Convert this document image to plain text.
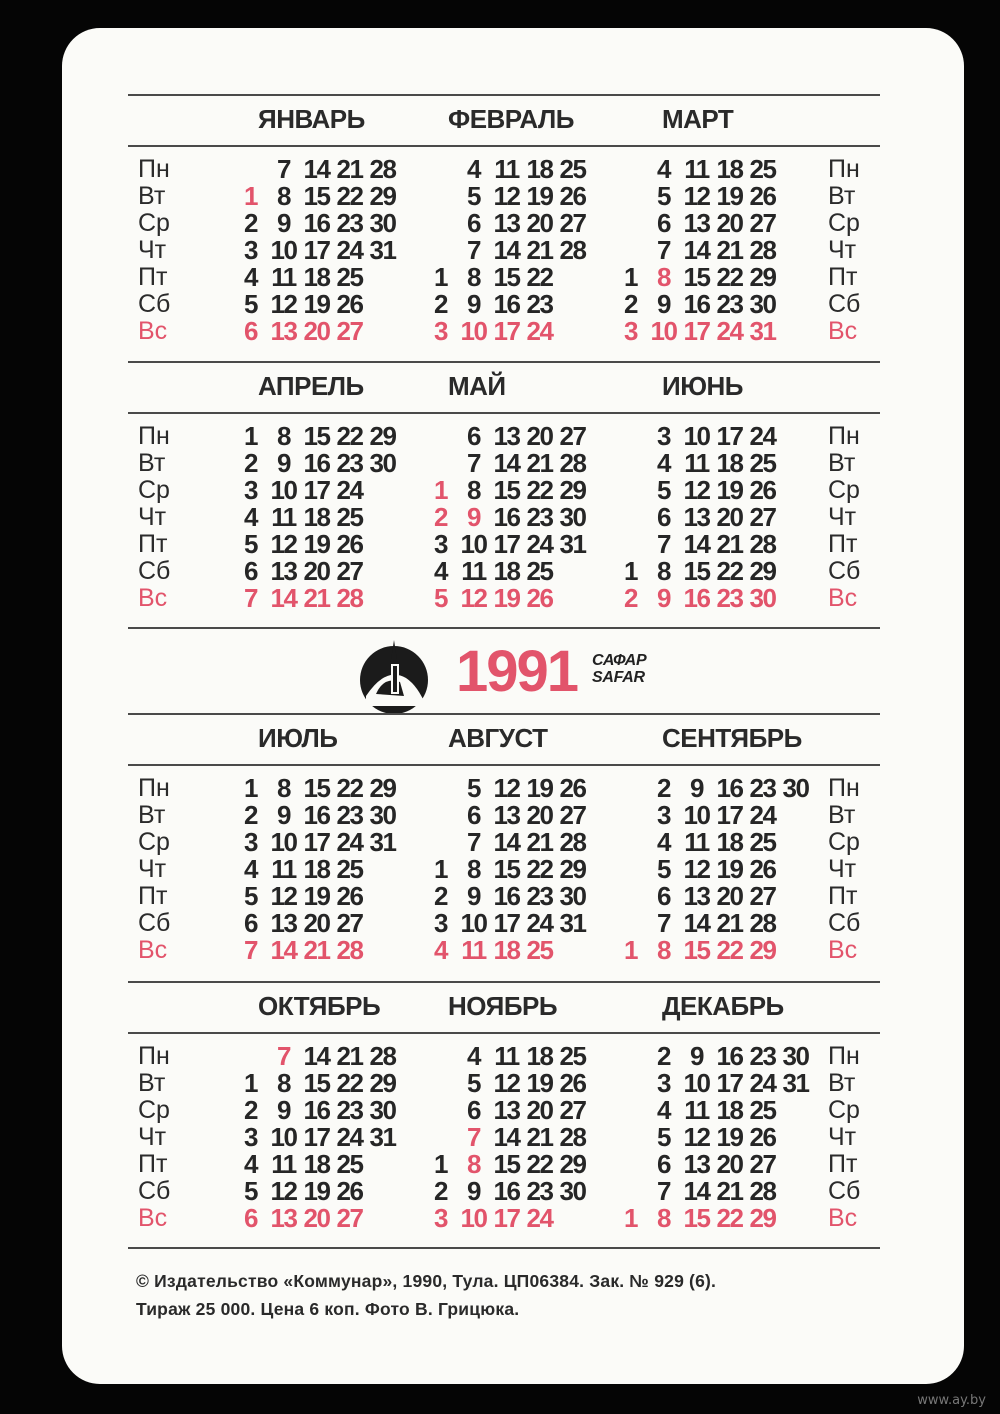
1991 САФАР
SAFAR
Пн
Вт
Ср
Чт
Пт
Сб
Вс
Пн
Вт
Ср
Чт
Пт
Сб
Вс
ЯНВАРЬ
7 14 21 28
1 8 15 22 29
2 9 16 23 30
3 10 17 24 31
4 11 18 25
5 12 19 26
6 13 20 27
ФЕВРАЛЬ
4 11 18 25
5 12 19 26
6 13 20 27
7 14 21 28
1 8 15 22
2 9 16 23
3 10 17 24
МАРТ
4 11 18 25
5 12 19 26
6 13 20 27
7 14 21 28
1 8 15 22 29
2 9 16 23 30
3 10 17 24 31
Пн
Вт
Ср
Чт
Пт
Сб
Вс
Пн
Вт
Ср
Чт
Пт
Сб
Вс
АПРЕЛЬ
1 8 15 22 29
2 9 16 23 30
3 10 17 24
4 11 18 25
5 12 19 26
6 13 20 27
7 14 21 28
МАЙ
6 13 20 27
7 14 21 28
1 8 15 22 29
2 9 16 23 30
3 10 17 24 31
4 11 18 25
5 12 19 26
ИЮНЬ
3 10 17 24
4 11 18 25
5 12 19 26
6 13 20 27
7 14 21 28
1 8 15 22 29
2 9 16 23 30
Пн
Вт
Ср
Чт
Пт
Сб
Вс
Пн
Вт
Ср
Чт
Пт
Сб
Вс
ИЮЛЬ
1 8 15 22 29
2 9 16 23 30
3 10 17 24 31
4 11 18 25
5 12 19 26
6 13 20 27
7 14 21 28
АВГУСТ
5 12 19 26
6 13 20 27
7 14 21 28
1 8 15 22 29
2 9 16 23 30
3 10 17 24 31
4 11 18 25
СЕНТЯБРЬ
2 9 16 23 30
3 10 17 24
4 11 18 25
5 12 19 26
6 13 20 27
7 14 21 28
1 8 15 22 29
Пн
Вт
Ср
Чт
Пт
Сб
Вс
Пн
Вт
Ср
Чт
Пт
Сб
Вс
ОКТЯБРЬ
7 14 21 28
1 8 15 22 29
2 9 16 23 30
3 10 17 24 31
4 11 18 25
5 12 19 26
6 13 20 27
НОЯБРЬ
4 11 18 25
5 12 19 26
6 13 20 27
7 14 21 28
1 8 15 22 29
2 9 16 23 30
3 10 17 24
ДЕКАБРЬ
2 9 16 23 30
3 10 17 24 31
4 11 18 25
5 12 19 26
6 13 20 27
7 14 21 28
1 8 15 22 29
© Издательство «Коммунар», 1990, Тула. ЦП06384. Зак. № 929 (6).
Тираж 25 000. Цена 6 коп. Фото В. Грицюка.
www.ay.by
